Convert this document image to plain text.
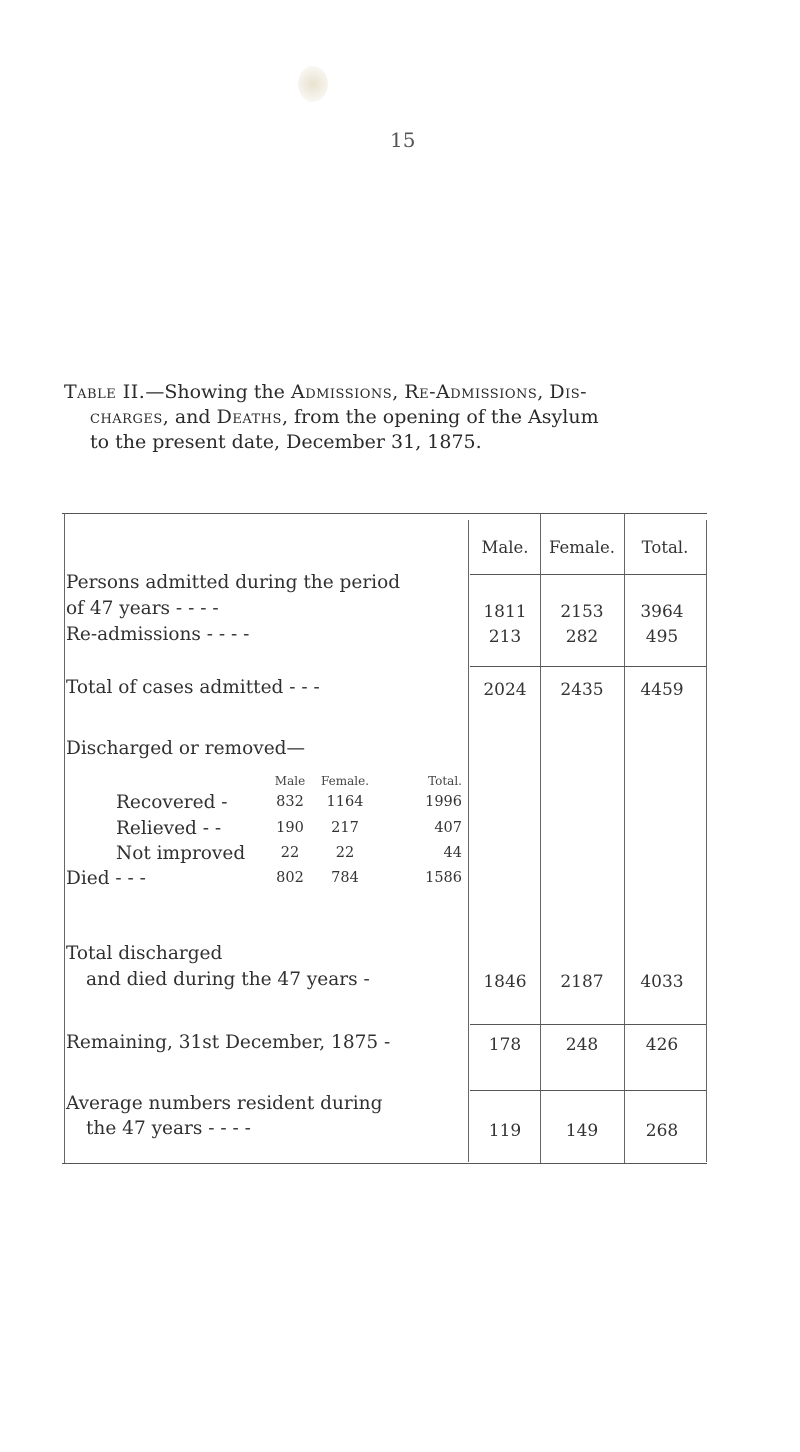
15

Table II.—Showing the Admissions, Re-Admissions, Dis-

charges, and Deaths, from the opening of the Asylum

to the present date, December 31, 1875.

Male.	Female.	Total.
Persons admitted during the period
of 47 years - - - -	1811	2153	3964
Re-admissions - - - -	213	282	495
Total of cases admitted - - -	2024	2435	4459
Discharged or removed—
Male	Female.	Total.
Recovered -	832	1164	1996
Relieved - -	190	217	407
Not improved	22	22	44
Died - - -	802	784	1586
Total discharged
and died during the 47 years -	1846	2187	4033
Remaining, 31st December, 1875 -	178	248	426
Average numbers resident during
the 47 years - - - -	119	149	268
